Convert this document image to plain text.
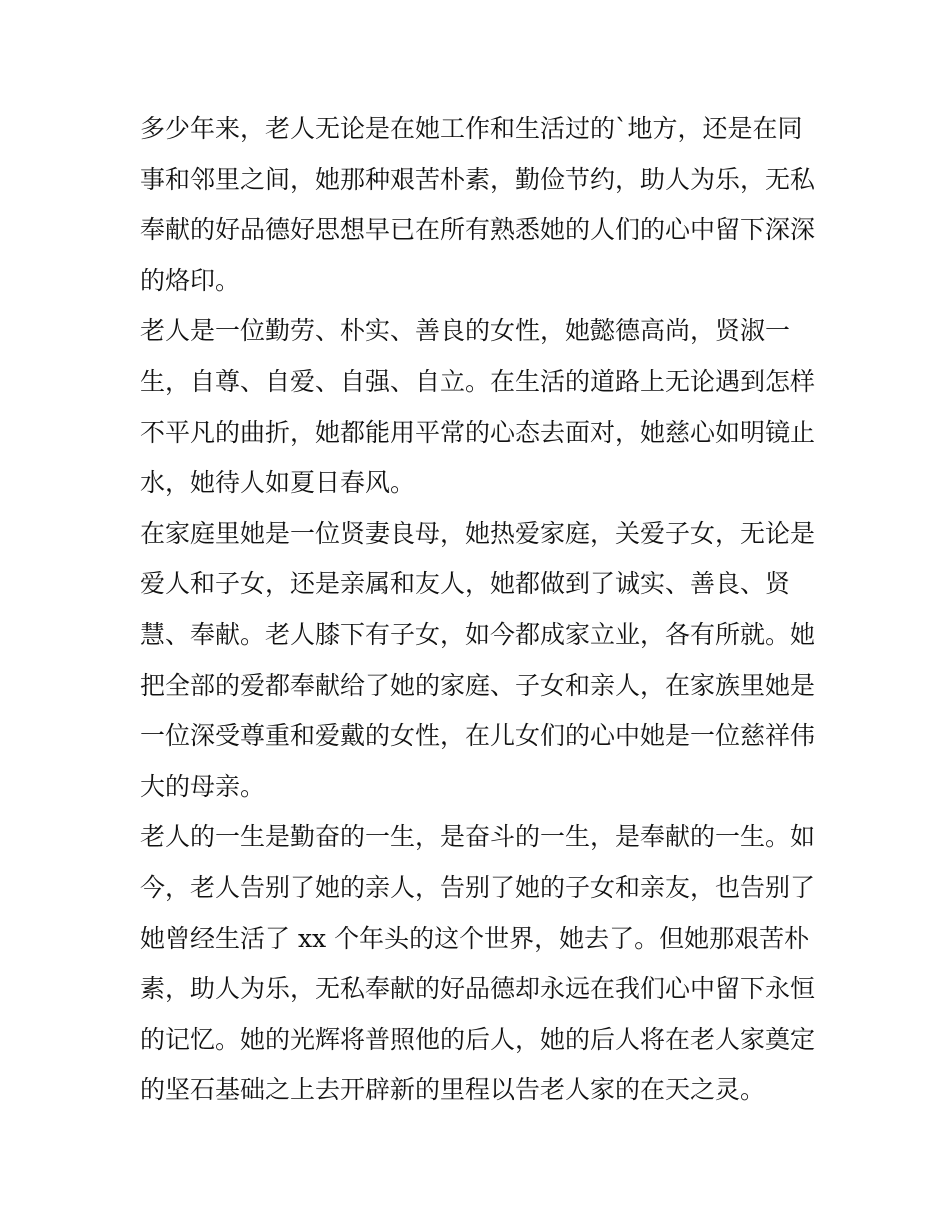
多少年来，老人无论是在她工作和生活过的`地方，还是在同
事和邻里之间，她那种艰苦朴素，勤俭节约，助人为乐，无私
奉献的好品德好思想早已在所有熟悉她的人们的心中留下深深
的烙印。

老人是一位勤劳、朴实、善良的女性，她懿德高尚，贤淑一
生，自尊、自爱、自强、自立。在生活的道路上无论遇到怎样
不平凡的曲折，她都能用平常的心态去面对，她慈心如明镜止
水，她待人如夏日春风。

在家庭里她是一位贤妻良母，她热爱家庭，关爱子女，无论是
爱人和子女，还是亲属和友人，她都做到了诚实、善良、贤
慧、奉献。老人膝下有子女，如今都成家立业，各有所就。她
把全部的爱都奉献给了她的家庭、子女和亲人，在家族里她是
一位深受尊重和爱戴的女性，在儿女们的心中她是一位慈祥伟
大的母亲。

老人的一生是勤奋的一生，是奋斗的一生，是奉献的一生。如
今，老人告别了她的亲人，告别了她的子女和亲友，也告别了
她曾经生活了 xx 个年头的这个世界，她去了。但她那艰苦朴
素，助人为乐，无私奉献的好品德却永远在我们心中留下永恒
的记忆。她的光辉将普照他的后人，她的后人将在老人家奠定
的坚石基础之上去开辟新的里程以告老人家的在天之灵。
